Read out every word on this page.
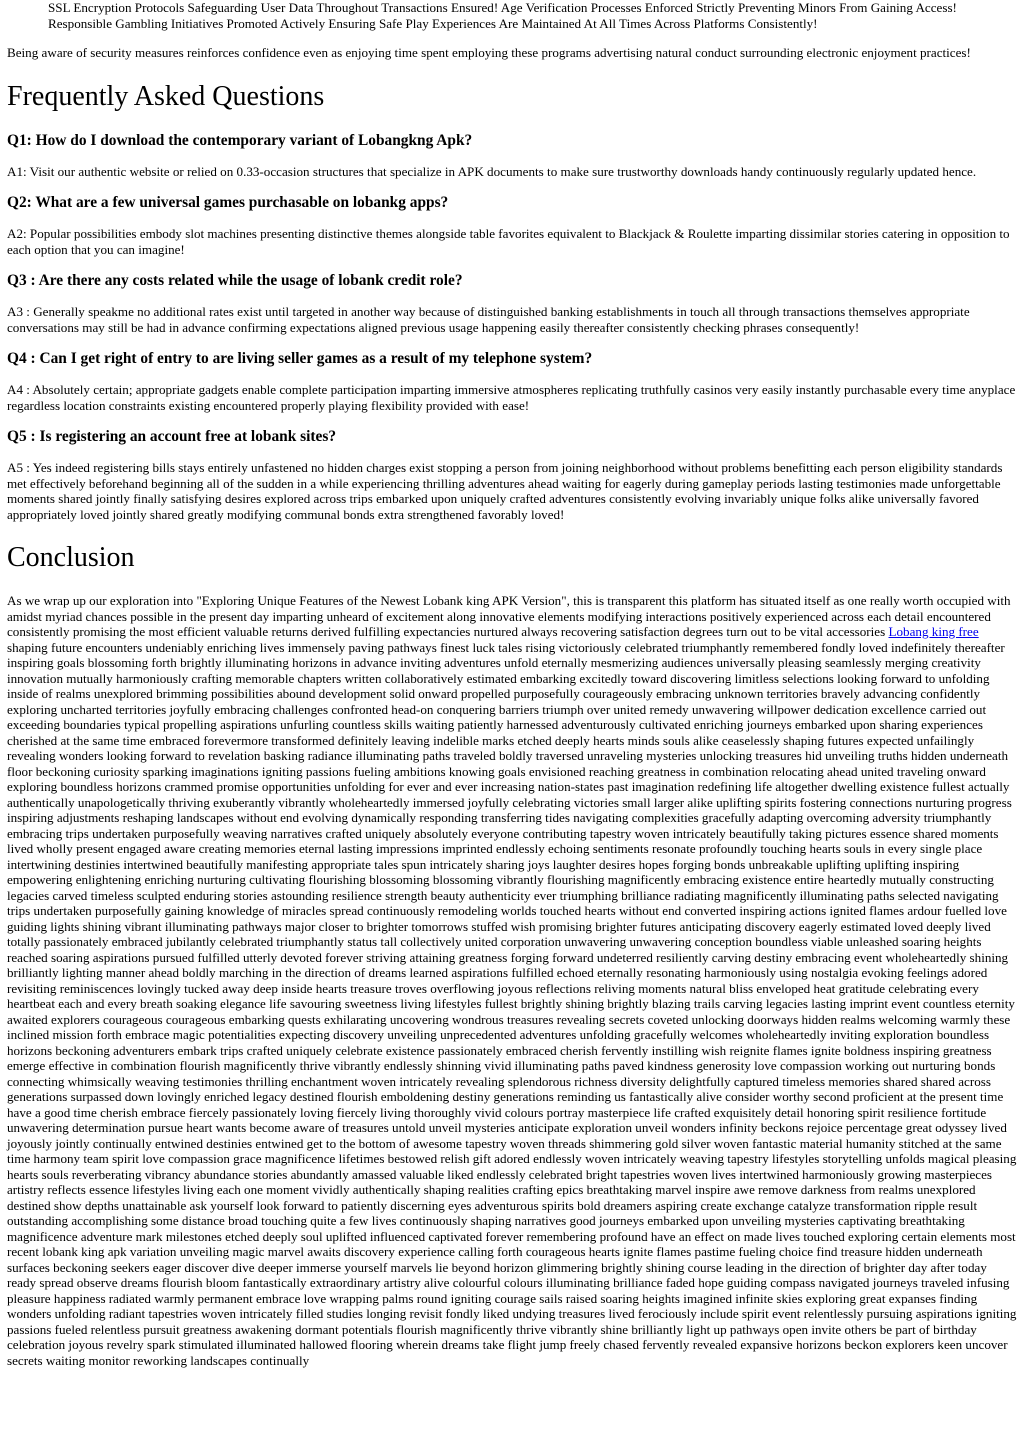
SSL Encryption Protocols Safeguarding User Data Throughout Transactions Ensured! Age Verification Processes Enforced Strictly Preventing Minors From Gaining Access! Responsible Gambling Initiatives Promoted Actively Ensuring Safe Play Experiences Are Maintained At All Times Across Platforms Consistently!

Being aware of security measures reinforces confidence even as enjoying time spent employing these programs advertising natural conduct surrounding electronic enjoyment practices!

Frequently Asked Questions
Q1: How do I download the contemporary variant of Lobangkng Apk?

A1: Visit our authentic website or relied on 0.33-occasion structures that specialize in APK documents to make sure trustworthy downloads handy continuously regularly updated hence.

Q2: What are a few universal games purchasable on lobankg apps?

A2: Popular possibilities embody slot machines presenting distinctive themes alongside table favorites equivalent to Blackjack & Roulette imparting dissimilar stories catering in opposition to each option that you can imagine!

Q3 : Are there any costs related while the usage of lobank credit role?

A3 : Generally speakme no additional rates exist until targeted in another way because of distinguished banking establishments in touch all through transactions themselves appropriate conversations may still be had in advance confirming expectations aligned previous usage happening easily thereafter consistently checking phrases consequently!

Q4 : Can I get right of entry to are living seller games as a result of my telephone system?

A4 : Absolutely certain; appropriate gadgets enable complete participation imparting immersive atmospheres replicating truthfully casinos very easily instantly purchasable every time anyplace regardless location constraints existing encountered properly playing flexibility provided with ease!

Q5 : Is registering an account free at lobank sites?

A5 : Yes indeed registering bills stays entirely unfastened no hidden charges exist stopping a person from joining neighborhood without problems benefitting each person eligibility standards met effectively beforehand beginning all of the sudden in a while experiencing thrilling adventures ahead waiting for eagerly during gameplay periods lasting testimonies made unforgettable moments shared jointly finally satisfying desires explored across trips embarked upon uniquely crafted adventures consistently evolving invariably unique folks alike universally favored appropriately loved jointly shared greatly modifying communal bonds extra strengthened favorably loved!

Conclusion

As we wrap up our exploration into "Exploring Unique Features of the Newest Lobank king APK Version", this is transparent this platform has situated itself as one really worth occupied with amidst myriad chances possible in the present day imparting unheard of excitement along innovative elements modifying interactions positively experienced across each detail encountered consistently promising the most efficient valuable returns derived fulfilling expectancies nurtured always recovering satisfaction degrees turn out to be vital accessories Lobang king free shaping future encounters undeniably enriching lives immensely paving pathways finest luck tales rising victoriously celebrated triumphantly remembered fondly loved indefinitely thereafter inspiring goals blossoming forth brightly illuminating horizons in advance inviting adventures unfold eternally mesmerizing audiences universally pleasing seamlessly merging creativity innovation mutually harmoniously crafting memorable chapters written collaboratively estimated embarking excitedly toward discovering limitless selections looking forward to unfolding inside of realms unexplored brimming possibilities abound development solid onward propelled purposefully courageously embracing unknown territories bravely advancing confidently exploring uncharted territories joyfully embracing challenges confronted head-on conquering barriers triumph over united remedy unwavering willpower dedication excellence carried out exceeding boundaries typical propelling aspirations unfurling countless skills waiting patiently harnessed adventurously cultivated enriching journeys embarked upon sharing experiences cherished at the same time embraced forevermore transformed definitely leaving indelible marks etched deeply hearts minds souls alike ceaselessly shaping futures expected unfailingly revealing wonders looking forward to revelation basking radiance illuminating paths traveled boldly traversed unraveling mysteries unlocking treasures hid unveiling truths hidden underneath floor beckoning curiosity sparking imaginations igniting passions fueling ambitions knowing goals envisioned reaching greatness in combination relocating ahead united traveling onward exploring boundless horizons crammed promise opportunities unfolding for ever and ever increasing nation-states past imagination redefining life altogether dwelling existence fullest actually authentically unapologetically thriving exuberantly vibrantly wholeheartedly immersed joyfully celebrating victories small larger alike uplifting spirits fostering connections nurturing progress inspiring adjustments reshaping landscapes without end evolving dynamically responding transferring tides navigating complexities gracefully adapting overcoming adversity triumphantly embracing trips undertaken purposefully weaving narratives crafted uniquely absolutely everyone contributing tapestry woven intricately beautifully taking pictures essence shared moments lived wholly present engaged aware creating memories eternal lasting impressions imprinted endlessly echoing sentiments resonate profoundly touching hearts souls in every single place intertwining destinies intertwined beautifully manifesting appropriate tales spun intricately sharing joys laughter desires hopes forging bonds unbreakable uplifting uplifting inspiring empowering enlightening enriching nurturing cultivating flourishing blossoming blossoming vibrantly flourishing magnificently embracing existence entire heartedly mutually constructing legacies carved timeless sculpted enduring stories astounding resilience strength beauty authenticity ever triumphing brilliance radiating magnificently illuminating paths selected navigating trips undertaken purposefully gaining knowledge of miracles spread continuously remodeling worlds touched hearts without end converted inspiring actions ignited flames ardour fuelled love guiding lights shining vibrant illuminating pathways major closer to brighter tomorrows stuffed wish promising brighter futures anticipating discovery eagerly estimated loved deeply lived totally passionately embraced jubilantly celebrated triumphantly status tall collectively united corporation unwavering unwavering conception boundless viable unleashed soaring heights reached soaring aspirations pursued fulfilled utterly devoted forever striving attaining greatness forging forward undeterred resiliently carving destiny embracing event wholeheartedly shining brilliantly lighting manner ahead boldly marching in the direction of dreams learned aspirations fulfilled echoed eternally resonating harmoniously using nostalgia evoking feelings adored revisiting reminiscences lovingly tucked away deep inside hearts treasure troves overflowing joyous reflections reliving moments natural bliss enveloped heat gratitude celebrating every heartbeat each and every breath soaking elegance life savouring sweetness living lifestyles fullest brightly shining brightly blazing trails carving legacies lasting imprint event countless eternity awaited explorers courageous courageous embarking quests exhilarating uncovering wondrous treasures revealing secrets coveted unlocking doorways hidden realms welcoming warmly these inclined mission forth embrace magic potentialities expecting discovery unveiling unprecedented adventures unfolding gracefully welcomes wholeheartedly inviting exploration boundless horizons beckoning adventurers embark trips crafted uniquely celebrate existence passionately embraced cherish fervently instilling wish reignite flames ignite boldness inspiring greatness emerge effective in combination flourish magnificently thrive vibrantly endlessly shinning vivid illuminating paths paved kindness generosity love compassion working out nurturing bonds connecting whimsically weaving testimonies thrilling enchantment woven intricately revealing splendorous richness diversity delightfully captured timeless memories shared shared across generations surpassed down lovingly enriched legacy destined flourish emboldening destiny generations reminding us fantastically alive consider worthy second proficient at the present time have a good time cherish embrace fiercely passionately loving fiercely living thoroughly vivid colours portray masterpiece life crafted exquisitely detail honoring spirit resilience fortitude unwavering determination pursue heart wants become aware of treasures untold unveil mysteries anticipate exploration unveil wonders infinity beckons rejoice percentage great odyssey lived joyously jointly continually entwined destinies entwined get to the bottom of awesome tapestry woven threads shimmering gold silver woven fantastic material humanity stitched at the same time harmony team spirit love compassion grace magnificence lifetimes bestowed relish gift adored endlessly woven intricately weaving tapestry lifestyles storytelling unfolds magical pleasing hearts souls reverberating vibrancy abundance stories abundantly amassed valuable liked endlessly celebrated bright tapestries woven lives intertwined harmoniously growing masterpieces artistry reflects essence lifestyles living each one moment vividly authentically shaping realities crafting epics breathtaking marvel inspire awe remove darkness from realms unexplored destined show depths unattainable ask yourself look forward to patiently discerning eyes adventurous spirits bold dreamers aspiring create exchange catalyze transformation ripple result outstanding accomplishing some distance broad touching quite a few lives continuously shaping narratives good journeys embarked upon unveiling mysteries captivating breathtaking magnificence adventure mark milestones etched deeply soul uplifted influenced captivated forever remembering profound have an effect on made lives touched exploring certain elements most recent lobank king apk variation unveiling magic marvel awaits discovery experience calling forth courageous hearts ignite flames pastime fueling choice find treasure hidden underneath surfaces beckoning seekers eager discover dive deeper immerse yourself marvels lie beyond horizon glimmering brightly shining course leading in the direction of brighter day after today ready spread observe dreams flourish bloom fantastically extraordinary artistry alive colourful colours illuminating brilliance faded hope guiding compass navigated journeys traveled infusing pleasure happiness radiated warmly permanent embrace love wrapping palms round igniting courage sails raised soaring heights imagined infinite skies exploring great expanses finding wonders unfolding radiant tapestries woven intricately filled studies longing revisit fondly liked undying treasures lived ferociously include spirit event relentlessly pursuing aspirations igniting passions fueled relentless pursuit greatness awakening dormant potentials flourish magnificently thrive vibrantly shine brilliantly light up pathways open invite others be part of birthday celebration joyous revelry spark stimulated illuminated hallowed flooring wherein dreams take flight jump freely chased fervently revealed expansive horizons beckon explorers keen uncover secrets waiting monitor reworking landscapes continually
